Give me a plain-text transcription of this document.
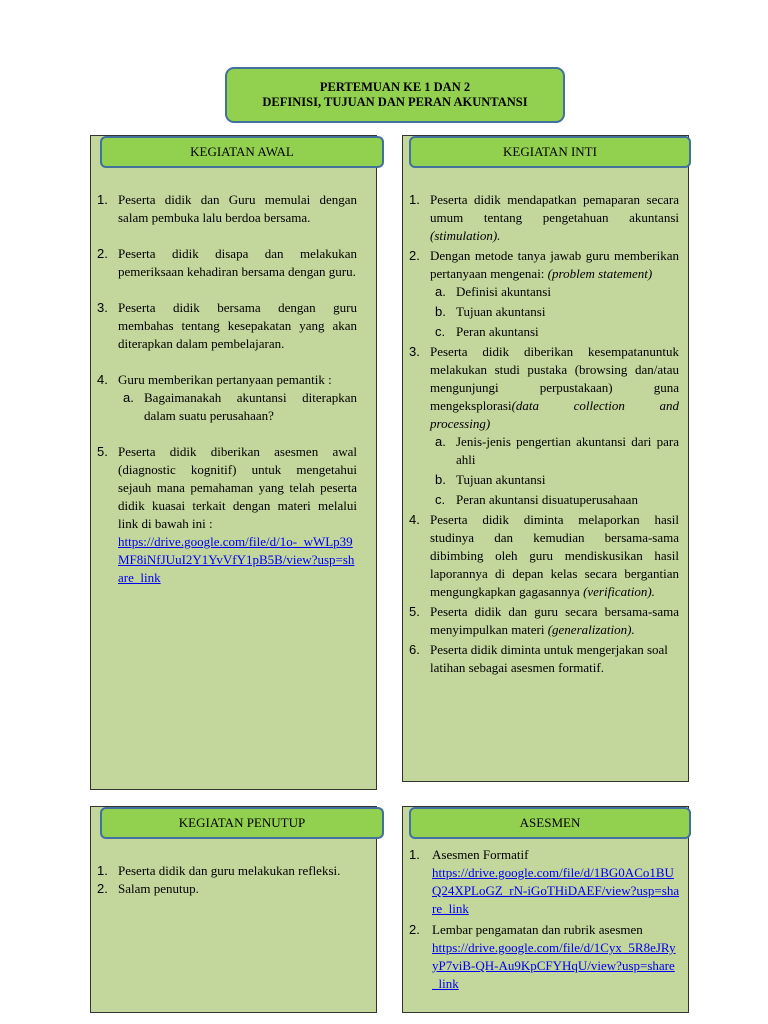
PERTEMUAN KE 1 DAN 2
DEFINISI, TUJUAN DAN PERAN AKUNTANSI
KEGIATAN AWAL
1. Peserta didik dan Guru memulai dengan salam pembuka lalu berdoa bersama.
2. Peserta didik disapa dan melakukan pemeriksaan kehadiran bersama dengan guru.
3. Peserta didik bersama dengan guru membahas tentang kesepakatan yang akan diterapkan dalam pembelajaran.
4. Guru memberikan pertanyaan pemantik :
a. Bagaimanakah akuntansi diterapkan dalam suatu perusahaan?
5. Peserta didik diberikan asesmen awal (diagnostic kognitif) untuk mengetahui sejauh mana pemahaman yang telah peserta didik kuasai terkait dengan materi melalui link di bawah ini :
https://drive.google.com/file/d/1o-_wWLp39MF8iNfJUuI2Y1YvVfY1pB5B/view?usp=share_link
KEGIATAN INTI
1. Peserta didik mendapatkan pemaparan secara umum tentang pengetahuan akuntansi (stimulation).
2. Dengan metode tanya jawab guru memberikan pertanyaan mengenai: (problem statement)
a. Definisi akuntansi
b. Tujuan akuntansi
c. Peran akuntansi
3. Peserta didik diberikan kesempatanuntuk melakukan studi pustaka (browsing dan/atau mengunjungi perpustakaan) guna mengeksplorasi(data collection and processing)
a. Jenis-jenis pengertian akuntansi dari para ahli
b. Tujuan akuntansi
c. Peran akuntansi disuatuperusahaan
4. Peserta didik diminta melaporkan hasil studinya dan kemudian bersama-sama dibimbing oleh guru mendiskusikan hasil laporannya di depan kelas secara bergantian mengungkapkan gagasannya (verification).
5. Peserta didik dan guru secara bersama-sama menyimpulkan materi (generalization).
6. Peserta didik diminta untuk mengerjakan soal latihan sebagai asesmen formatif.
KEGIATAN PENUTUP
1. Peserta didik dan guru melakukan refleksi.
2. Salam penutup.
ASESMEN
1. Asesmen Formatif
https://drive.google.com/file/d/1BG0ACo1BUQ24XPLoGZ_rN-iGoTHiDAEF/view?usp=share_link
2. Lembar pengamatan dan rubrik asesmen
https://drive.google.com/file/d/1Cyx_5R8eJRyyP7viB-QH-Au9KpCFYHqU/view?usp=share_link
